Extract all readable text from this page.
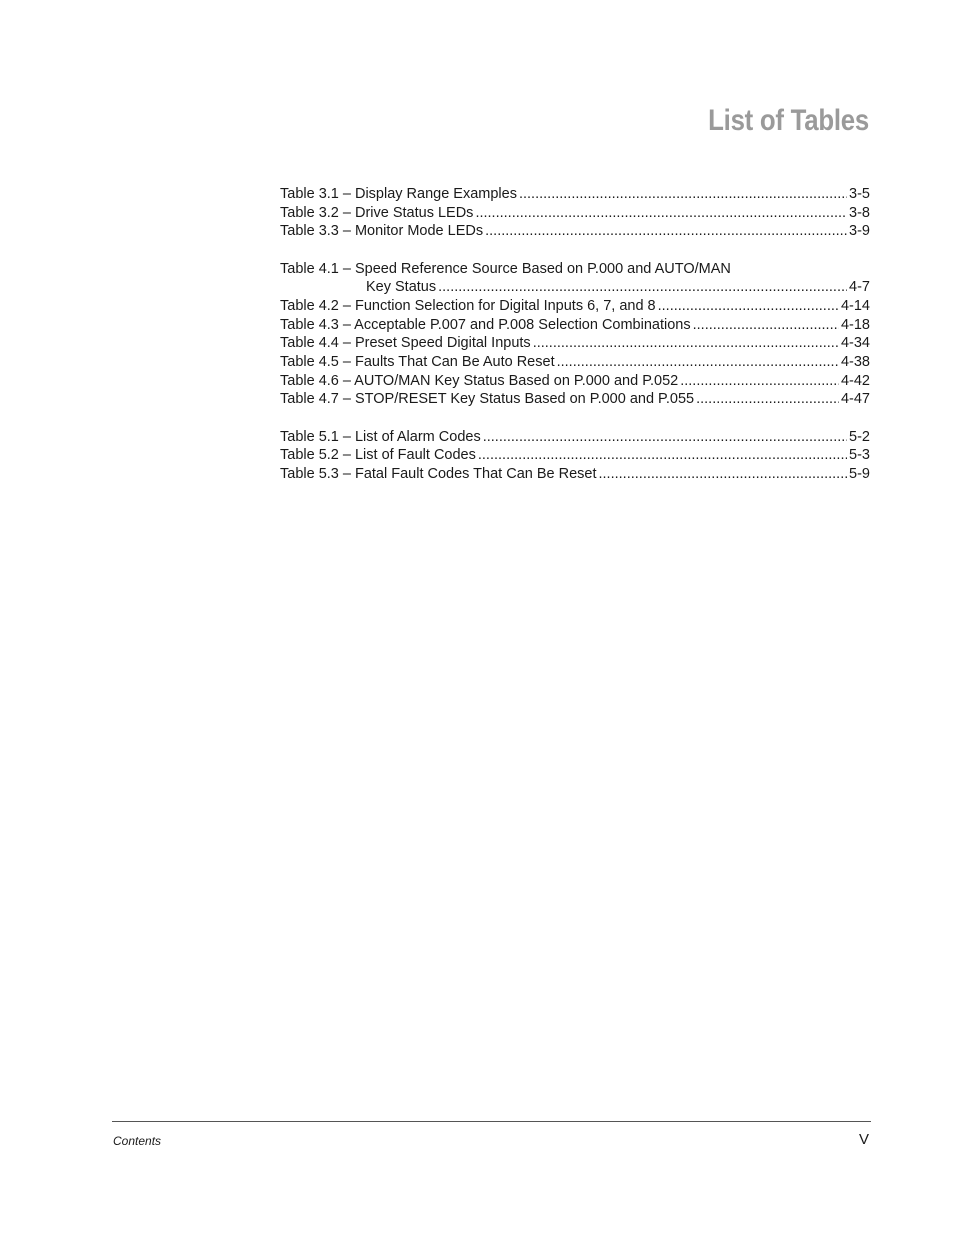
List of Tables
Table 3.1 – Display Range Examples .....	3-5
Table 3.2 – Drive Status LEDs .....	3-8
Table 3.3 – Monitor Mode LEDs .....	3-9
Table 4.1 – Speed Reference Source Based on P.000 and AUTO/MAN
Key Status .....	4-7
Table 4.2 – Function Selection for Digital Inputs 6, 7, and 8 .....	4-14
Table 4.3 – Acceptable P.007 and P.008 Selection Combinations .....	4-18
Table 4.4 – Preset Speed Digital Inputs .....	4-34
Table 4.5 – Faults That Can Be Auto Reset .....	4-38
Table 4.6 – AUTO/MAN Key Status Based on P.000 and P.052 .....	4-42
Table 4.7 – STOP/RESET Key Status Based on P.000 and P.055 .....	4-47
Table 5.1 – List of Alarm Codes .....	5-2
Table 5.2 – List of Fault Codes .....	5-3
Table 5.3 – Fatal Fault Codes That Can Be Reset .....	5-9
Contents	V
